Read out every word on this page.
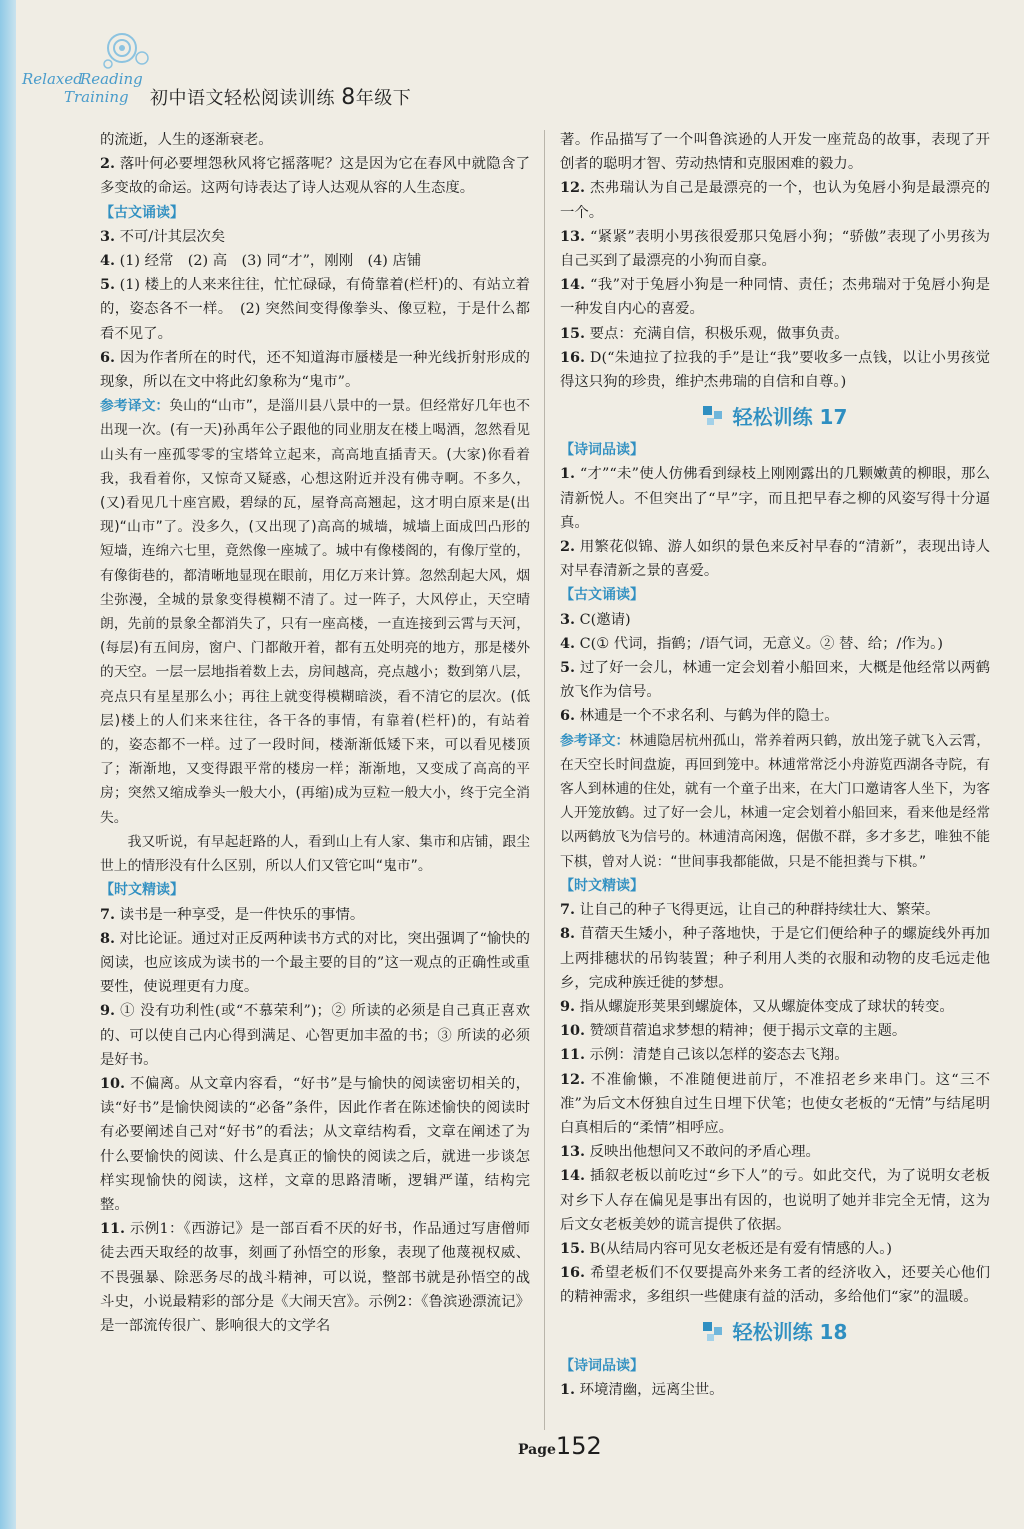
Relaxed
Reading
Training 初中语文轻松阅读训练 8年级下

的流逝，人生的逐渐衰老。

2. 落叶何必要埋怨秋风将它摇落呢？这是因为它在春风中就隐含了多变故的命运。这两句诗表达了诗人达观从容的人生态度。

【古文诵读】

3. 不可/计其层次矣

4. (1) 经常　(2) 高　(3) 同“才”，刚刚　(4) 店铺

5. (1) 楼上的人来来往往，忙忙碌碌，有倚靠着(栏杆)的、有站立着的，姿态各不一样。　(2) 突然间变得像拳头、像豆粒，于是什么都看不见了。

6. 因为作者所在的时代，还不知道海市蜃楼是一种光线折射形成的现象，所以在文中将此幻象称为“鬼市”。

参考译文：奂山的“山市”，是淄川县八景中的一景。但经常好几年也不出现一次。(有一天)孙禹年公子跟他的同业朋友在楼上喝酒，忽然看见山头有一座孤零零的宝塔耸立起来，高高地直插青天。(大家)你看着我，我看着你，又惊奇又疑惑，心想这附近并没有佛寺啊。不多久，(又)看见几十座宫殿，碧绿的瓦，屋脊高高翘起，这才明白原来是(出现)“山市”了。没多久，(又出现了)高高的城墙，城墙上面成凹凸形的短墙，连绵六七里，竟然像一座城了。城中有像楼阁的，有像厅堂的，有像街巷的，都清晰地显现在眼前，用亿万来计算。忽然刮起大风，烟尘弥漫，全城的景象变得模糊不清了。过一阵子，大风停止，天空晴朗，先前的景象全都消失了，只有一座高楼，一直连接到云霄与天河，(每层)有五间房，窗户、门都敞开着，都有五处明亮的地方，那是楼外的天空。一层一层地指着数上去，房间越高，亮点越小；数到第八层，亮点只有星星那么小；再往上就变得模糊暗淡，看不清它的层次。(低层)楼上的人们来来往往，各干各的事情，有靠着(栏杆)的，有站着的，姿态都不一样。过了一段时间，楼渐渐低矮下来，可以看见楼顶了；渐渐地，又变得跟平常的楼房一样；渐渐地，又变成了高高的平房；突然又缩成拳头一般大小，(再缩)成为豆粒一般大小，终于完全消失。

我又听说，有早起赶路的人，看到山上有人家、集市和店铺，跟尘世上的情形没有什么区别，所以人们又管它叫“鬼市”。

【时文精读】

7. 读书是一种享受，是一件快乐的事情。

8. 对比论证。通过对正反两种读书方式的对比，突出强调了“愉快的阅读，也应该成为读书的一个最主要的目的”这一观点的正确性或重要性，使说理更有力度。

9. ① 没有功利性(或“不慕荣利”)；② 所读的必须是自己真正喜欢的、可以使自己内心得到满足、心智更加丰盈的书；③ 所读的必须是好书。

10. 不偏离。从文章内容看，“好书”是与愉快的阅读密切相关的，读“好书”是愉快阅读的“必备”条件，因此作者在陈述愉快的阅读时有必要阐述自己对“好书”的看法；从文章结构看，文章在阐述了为什么要愉快的阅读、什么是真正的愉快的阅读之后，就进一步谈怎样实现愉快的阅读，这样，文章的思路清晰，逻辑严谨，结构完整。

11. 示例1：《西游记》是一部百看不厌的好书，作品通过写唐僧师徒去西天取经的故事，刻画了孙悟空的形象，表现了他蔑视权威、不畏强暴、除恶务尽的战斗精神，可以说，整部书就是孙悟空的战斗史，小说最精彩的部分是《大闹天宫》。示例2：《鲁滨逊漂流记》是一部流传很广、影响很大的文学名

著。作品描写了一个叫鲁滨逊的人开发一座荒岛的故事，表现了开创者的聪明才智、劳动热情和克服困难的毅力。

12. 杰弗瑞认为自己是最漂亮的一个，也认为兔唇小狗是最漂亮的一个。

13. “紧紧”表明小男孩很爱那只兔唇小狗；“骄傲”表现了小男孩为自己买到了最漂亮的小狗而自豪。

14. “我”对于兔唇小狗是一种同情、责任；杰弗瑞对于兔唇小狗是一种发自内心的喜爱。

15. 要点：充满自信，积极乐观，做事负责。

16. D(“朱迪拉了拉我的手”是让“我”要收多一点钱，以让小男孩觉得这只狗的珍贵，维护杰弗瑞的自信和自尊。)

轻松训练 17

【诗词品读】

1. “才”“未”使人仿佛看到绿枝上刚刚露出的几颗嫩黄的柳眼，那么清新悦人。不但突出了“早”字，而且把早春之柳的风姿写得十分逼真。

2. 用繁花似锦、游人如织的景色来反衬早春的“清新”，表现出诗人对早春清新之景的喜爱。

【古文诵读】

3. C(邀请)

4. C(① 代词，指鹤；/语气词，无意义。② 替、给；/作为。)

5. 过了好一会儿，林逋一定会划着小船回来，大概是他经常以两鹤放飞作为信号。

6. 林逋是一个不求名利、与鹤为伴的隐士。

参考译文：林逋隐居杭州孤山，常养着两只鹤，放出笼子就飞入云霄，在天空长时间盘旋，再回到笼中。林逋常常泛小舟游览西湖各寺院，有客人到林逋的住处，就有一个童子出来，在大门口邀请客人坐下，为客人开笼放鹤。过了好一会儿，林逋一定会划着小船回来，看来他是经常以两鹤放飞为信号的。林逋清高闲逸，倨傲不群，多才多艺，唯独不能下棋，曾对人说：“世间事我都能做，只是不能担粪与下棋。”

【时文精读】

7. 让自己的种子飞得更远，让自己的种群持续壮大、繁荣。

8. 苜蓿天生矮小，种子落地快，于是它们便给种子的螺旋线外再加上两排穗状的吊钩装置；种子利用人类的衣服和动物的皮毛远走他乡，完成种族迁徙的梦想。

9. 指从螺旋形荚果到螺旋体，又从螺旋体变成了球状的转变。

10. 赞颂苜蓿追求梦想的精神；便于揭示文章的主题。

11. 示例：清楚自己该以怎样的姿态去飞翔。

12. 不准偷懒，不准随便进前厅，不准招老乡来串门。这“三不准”为后文木伢独自过生日埋下伏笔；也使女老板的“无情”与结尾明白真相后的“柔情”相呼应。

13. 反映出他想问又不敢问的矛盾心理。

14. 插叙老板以前吃过“乡下人”的亏。如此交代，为了说明女老板对乡下人存在偏见是事出有因的，也说明了她并非完全无情，这为后文女老板美妙的谎言提供了依据。

15. B(从结局内容可见女老板还是有爱有情感的人。)

16. 希望老板们不仅要提高外来务工者的经济收入，还要关心他们的精神需求，多组织一些健康有益的活动，多给他们“家”的温暖。

轻松训练 18

【诗词品读】

1. 环境清幽，远离尘世。

Page152
